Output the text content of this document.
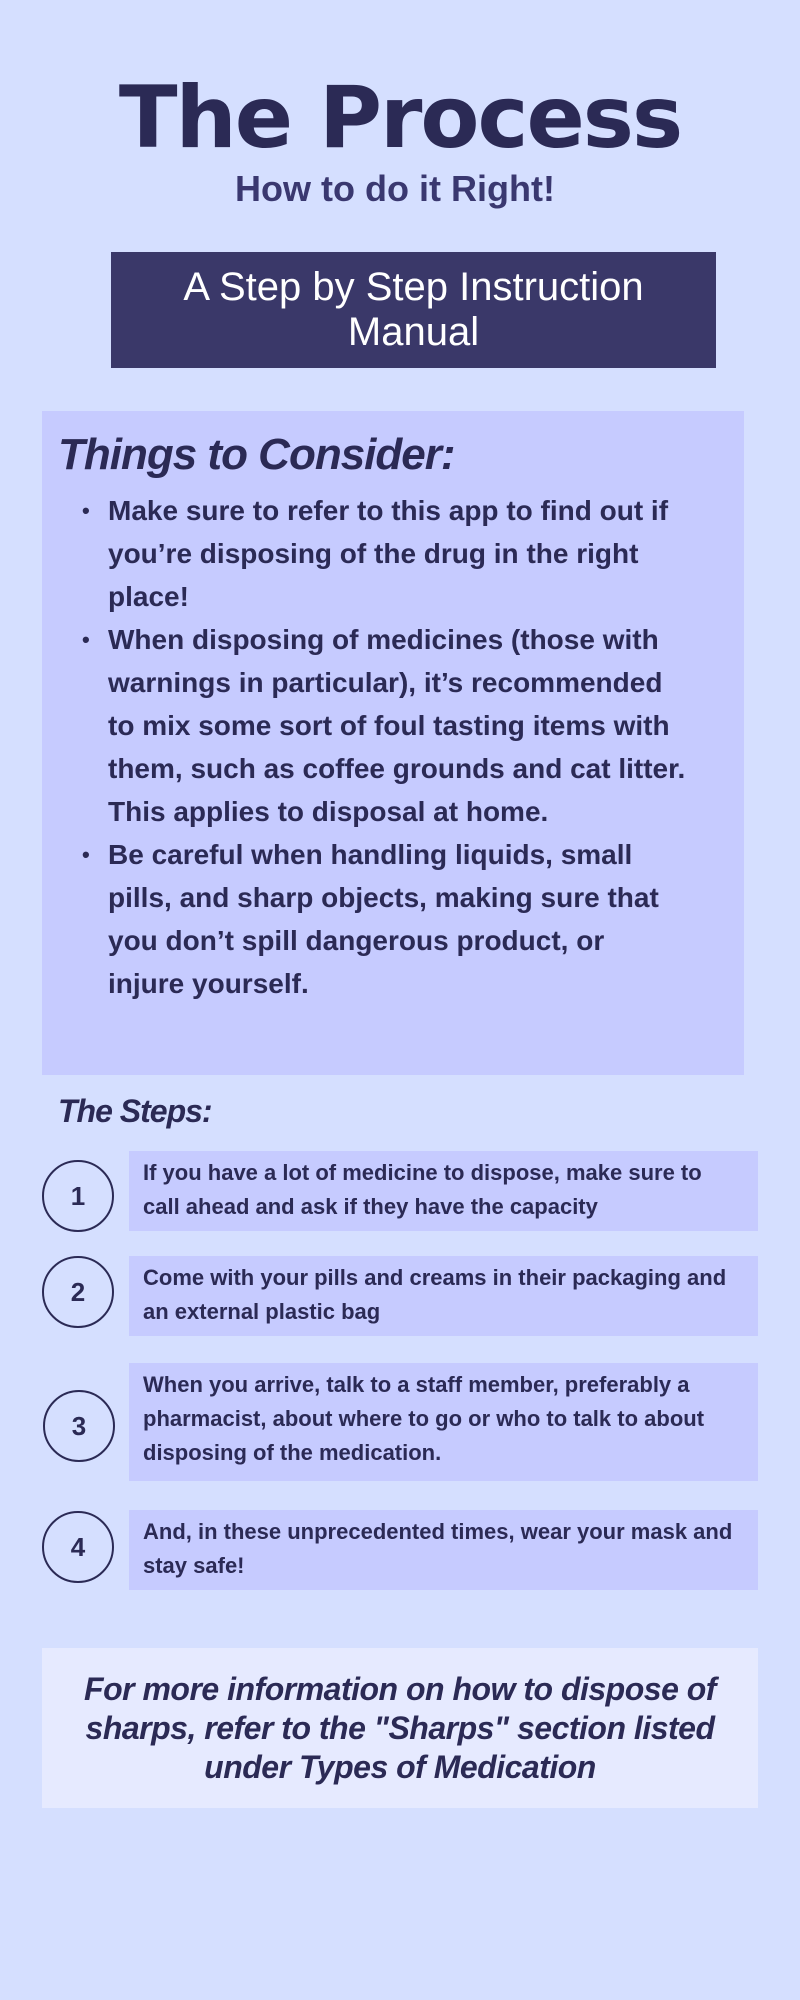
The Process
How to do it Right!
A Step by Step Instruction Manual
Things to Consider:
• Make sure to refer to this app to find out if you’re disposing of the drug in the right place!
• When disposing of medicines (those with warnings in particular), it’s recommended to mix some sort of foul tasting items with them, such as coffee grounds and cat litter. This applies to disposal at home.
• Be careful when handling liquids, small pills, and sharp objects, making sure that you don’t spill dangerous product, or injure yourself.
The Steps:
1
If you have a lot of medicine to dispose, make sure to call ahead and ask if they have the capacity
2	Come with your pills and creams in their packaging and an external plastic bag
3
When you arrive, talk to a staff member, preferably a pharmacist, about where to go or who to talk to about disposing of the medication.
4	And, in these unprecedented times, wear your mask and stay safe!
For more information on how to dispose of sharps, refer to the "Sharps" section listed under Types of Medication
